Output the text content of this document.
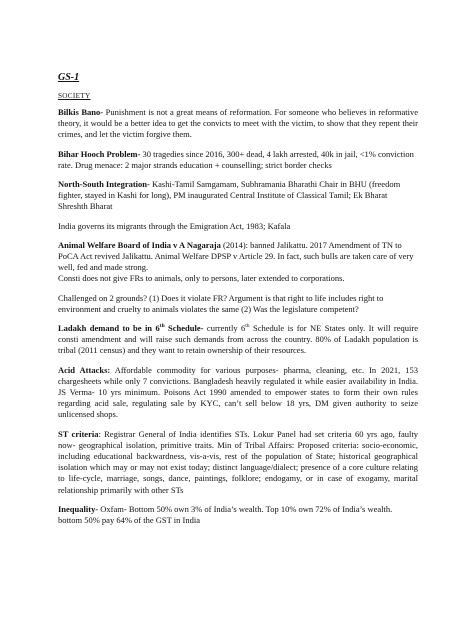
GS-1
SOCIETY

Bilkis Bano- Punishment is not a great means of reformation. For someone who believes in reformative theory, it would be a better idea to get the convicts to meet with the victim, to show that they repent their crimes, and let the victim forgive them.

Bihar Hooch Problem- 30 tragedies since 2016, 300+ dead, 4 lakh arrested, 40k in jail, <1% conviction rate. Drug menace: 2 major strands education + counselling; strict border checks

North-South Integration- Kashi-Tamil Samgamam, Subhramania Bharathi Chair in BHU (freedom fighter, stayed in Kashi for long), PM inaugurated Central Institute of Classical Tamil; Ek Bharat Shreshth Bharat

India governs its migrants through the Emigration Act, 1983; Kafala

Animal Welfare Board of India v A Nagaraja (2014): banned Jalikattu. 2017 Amendment of TN to PoCA Act revived Jalikattu. Animal Welfare DPSP v Article 29. In fact, such bulls are taken care of very well, fed and made strong.

Consti does not give FRs to animals, only to persons, later extended to corporations.

Challenged on 2 grounds? (1) Does it violate FR? Argument is that right to life includes right to environment and cruelty to animals violates the same (2) Was the legislature competent?

Ladakh demand to be in 6th Schedule- currently 6th Schedule is for NE States only. It will require consti amendment and will raise such demands from across the country. 80% of Ladakh population is tribal (2011 census) and they want to retain ownership of their resources.

Acid Attacks: Affordable commodity for various purposes- pharma, cleaning, etc. In 2021, 153 chargesheets while only 7 convictions. Bangladesh heavily regulated it while easier availability in India. JS Verma- 10 yrs minimum. Poisons Act 1990 amended to empower states to form their own rules regarding acid sale, regulating sale by KYC, can’t sell below 18 yrs, DM given authority to seize unlicensed shops.

ST criteria: Registrar General of India identifies STs. Lokur Panel had set criteria 60 yrs ago, faulty now- geographical isolation, primitive traits. Min of Tribal Affairs: Proposed criteria: socio-economic, including educational backwardness, vis-a-vis, rest of the population of State; historical geographical isolation which may or may not exist today; distinct language/dialect; presence of a core culture relating to life-cycle, marriage, songs, dance, paintings, folklore; endogamy, or in case of exogamy, marital relationship primarily with other STs

Inequality- Oxfam- Bottom 50% own 3% of India’s wealth. Top 10% own 72% of India’s wealth. bottom 50% pay 64% of the GST in India
